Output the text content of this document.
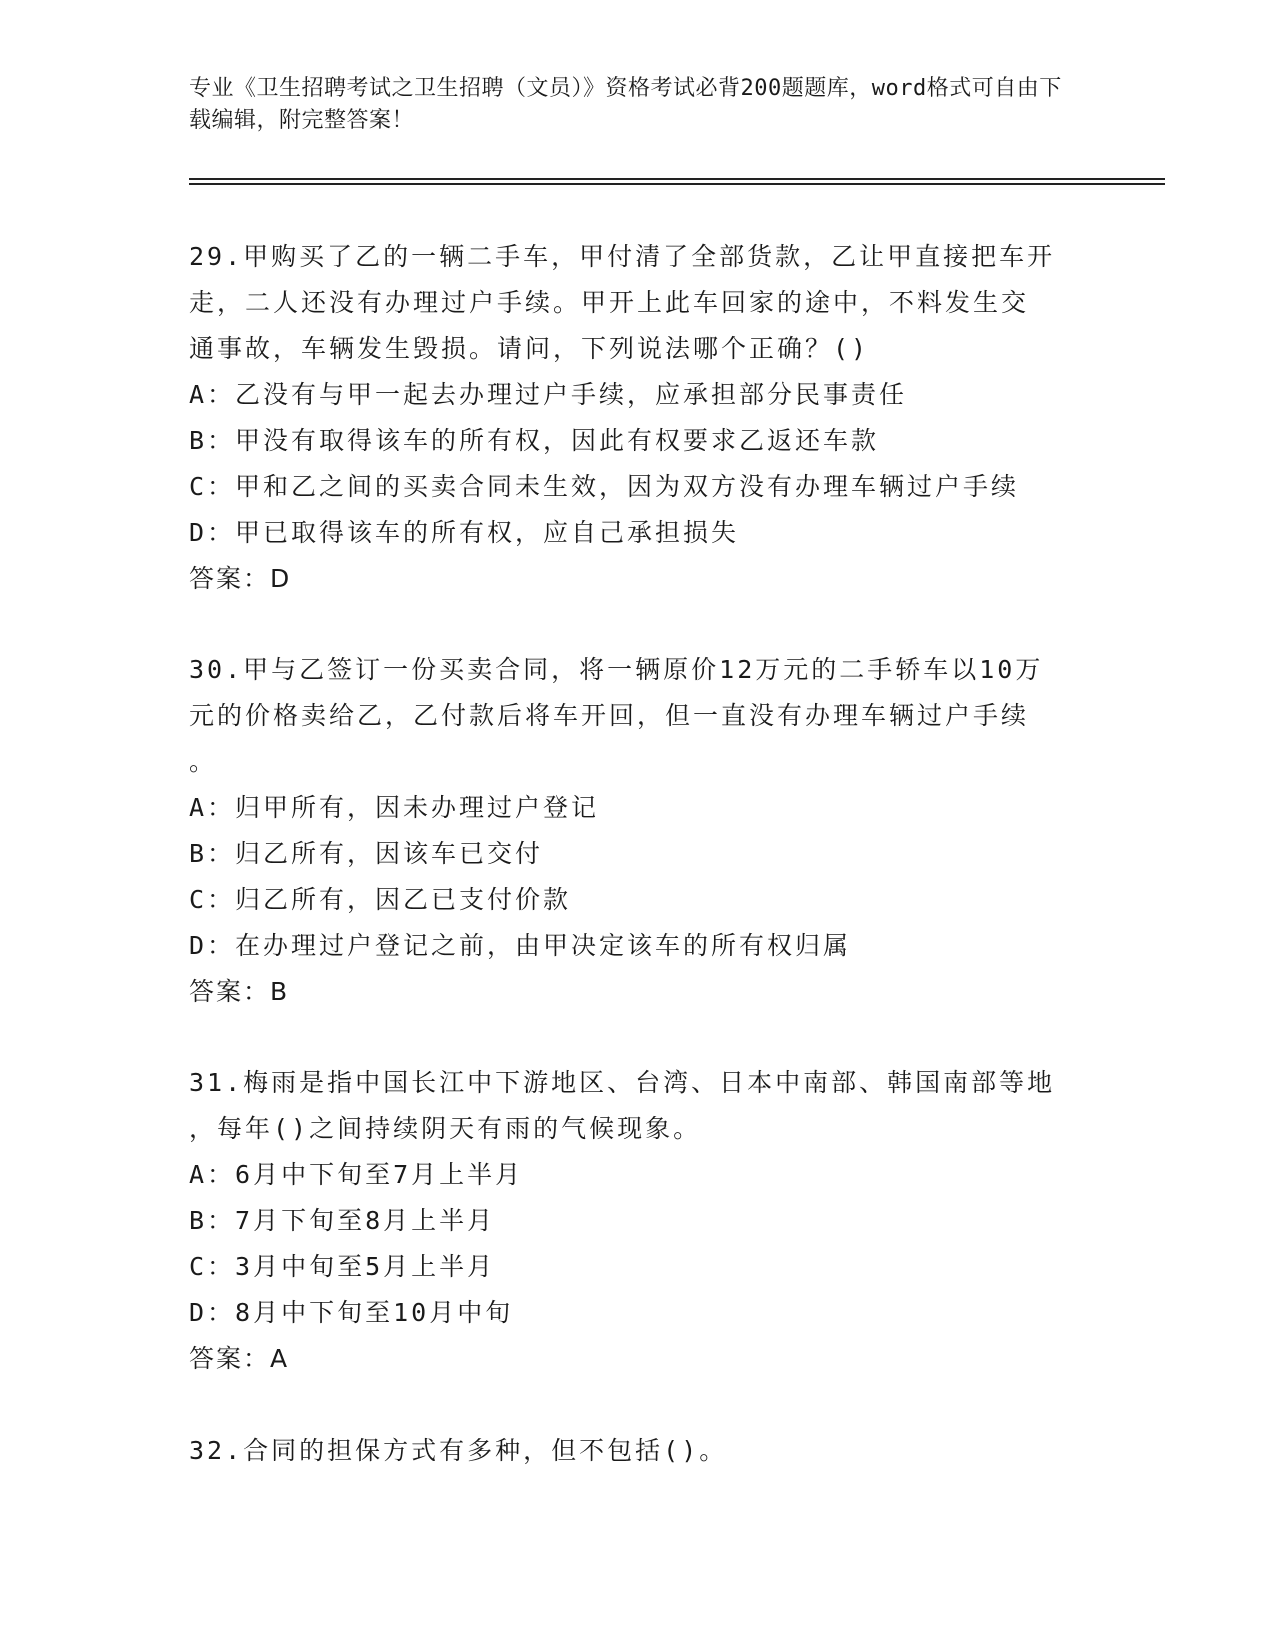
专业《卫生招聘考试之卫生招聘（文员）》资格考试必背200题题库，word格式可自由下载编辑，附完整答案！
29.甲购买了乙的一辆二手车，甲付清了全部货款，乙让甲直接把车开
走，二人还没有办理过户手续。甲开上此车回家的途中，不料发生交
通事故，车辆发生毁损。请问，下列说法哪个正确？()
A：乙没有与甲一起去办理过户手续，应承担部分民事责任
B：甲没有取得该车的所有权，因此有权要求乙返还车款
C：甲和乙之间的买卖合同未生效，因为双方没有办理车辆过户手续
D：甲已取得该车的所有权，应自己承担损失
答案：D
30.甲与乙签订一份买卖合同，将一辆原价12万元的二手轿车以10万
元的价格卖给乙，乙付款后将车开回，但一直没有办理车辆过户手续
。
A：归甲所有，因未办理过户登记
B：归乙所有，因该车已交付
C：归乙所有，因乙已支付价款
D：在办理过户登记之前，由甲决定该车的所有权归属
答案：B
31.梅雨是指中国长江中下游地区、台湾、日本中南部、韩国南部等地
，每年()之间持续阴天有雨的气候现象。
A：6月中下旬至7月上半月
B：7月下旬至8月上半月
C：3月中旬至5月上半月
D：8月中下旬至10月中旬
答案：A
32.合同的担保方式有多种，但不包括()。
